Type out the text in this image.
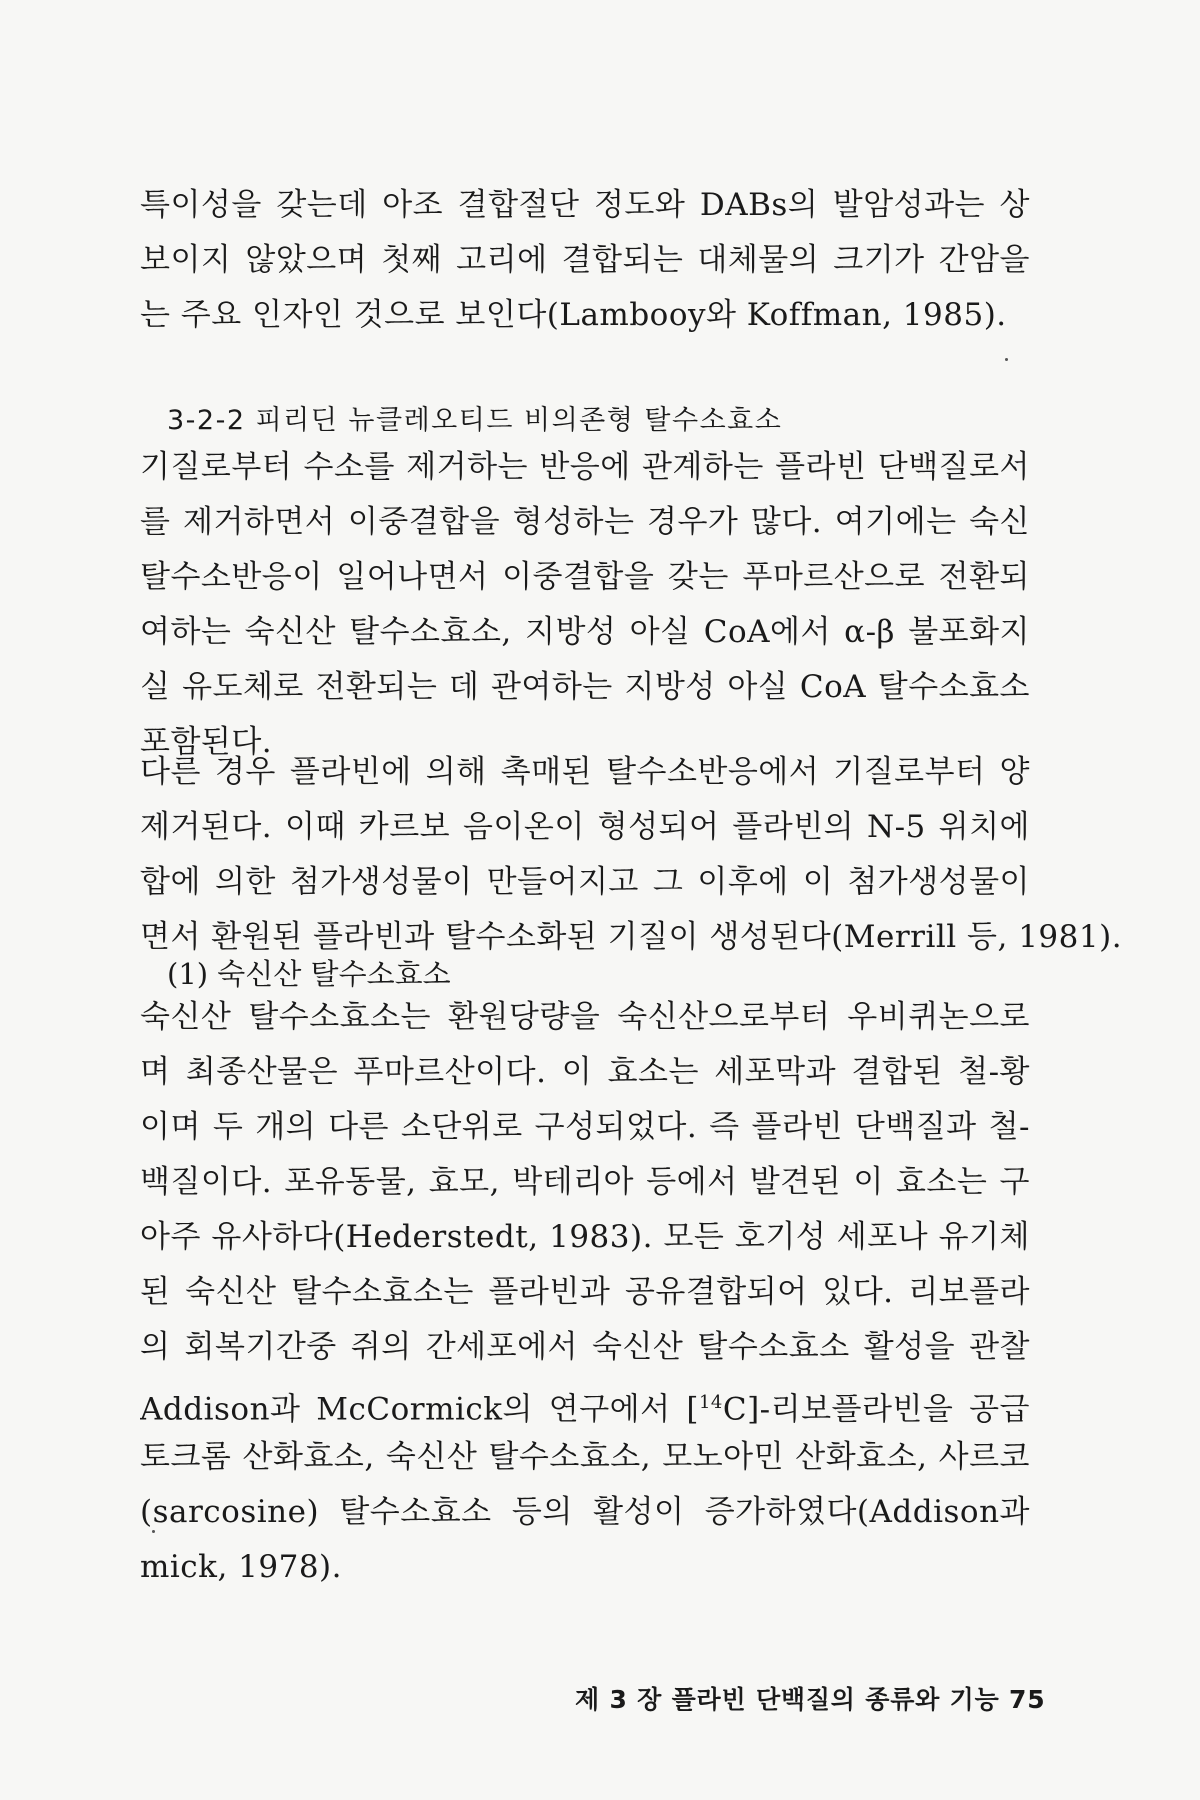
특이성을 갖는데 아조 결합절단 정도와 DABs의 발암성과는 상
보이지 않았으며 첫째 고리에 결합되는 대체물의 크기가 간암을
는 주요 인자인 것으로 보인다(Lambooy와 Koffman, 1985).
3-2-2 피리딘 뉴클레오티드 비의존형 탈수소효소
기질로부터 수소를 제거하는 반응에 관계하는 플라빈 단백질로서
를 제거하면서 이중결합을 형성하는 경우가 많다. 여기에는 숙신
탈수소반응이 일어나면서 이중결합을 갖는 푸마르산으로 전환되
여하는 숙신산 탈수소효소, 지방성 아실 CoA에서 α-β 불포화지
실 유도체로 전환되는 데 관여하는 지방성 아실 CoA 탈수소효소
포함된다.
다른 경우 플라빈에 의해 촉매된 탈수소반응에서 기질로부터 양
제거된다. 이때 카르보 음이온이 형성되어 플라빈의 N-5 위치에
합에 의한 첨가생성물이 만들어지고 그 이후에 이 첨가생성물이
면서 환원된 플라빈과 탈수소화된 기질이 생성된다(Merrill 등, 1981).
(1) 숙신산 탈수소효소
숙신산 탈수소효소는 환원당량을 숙신산으로부터 우비퀴논으로
며 최종산물은 푸마르산이다. 이 효소는 세포막과 결합된 철-황
이며 두 개의 다른 소단위로 구성되었다. 즉 플라빈 단백질과 철-
백질이다. 포유동물, 효모, 박테리아 등에서 발견된 이 효소는 구
아주 유사하다(Hederstedt, 1983). 모든 호기성 세포나 유기체
된 숙신산 탈수소효소는 플라빈과 공유결합되어 있다. 리보플라
의 회복기간중 쥐의 간세포에서 숙신산 탈수소효소 활성을 관찰
Addison과 McCormick의 연구에서 [$^{14}$C]-리보플라빈을 공급
토크롬 산화효소, 숙신산 탈수소효소, 모노아민 산화효소, 사르코
(sarcosine) 탈수소효소 등의 활성이 증가하였다(Addison과
mick, 1978).
제 3 장 플라빈 단백질의 종류와 기능 75
